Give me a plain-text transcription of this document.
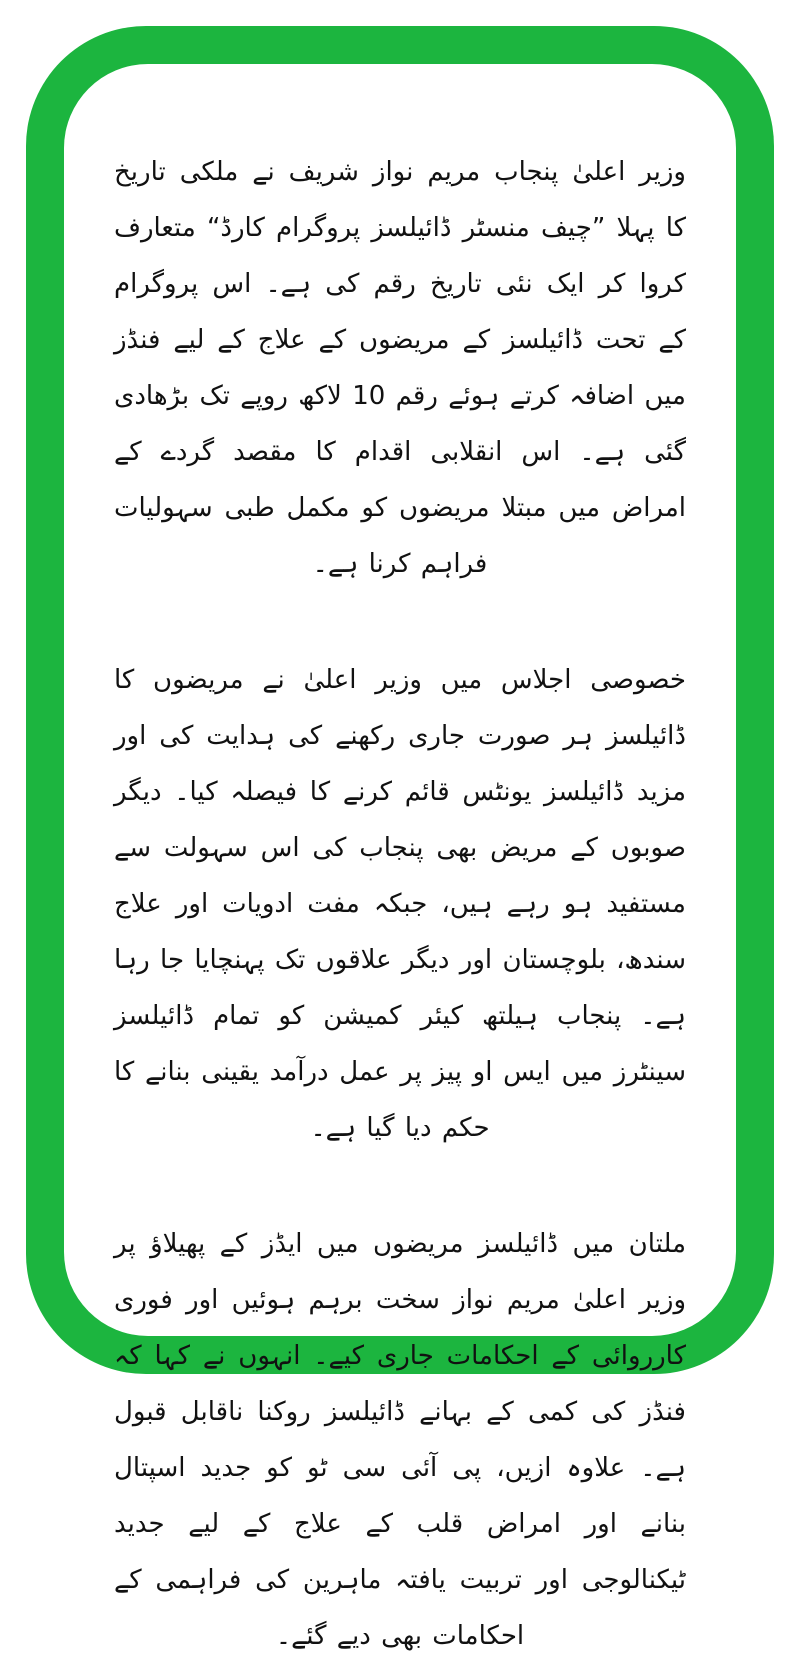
وزیر اعلیٰ پنجاب مریم نواز شریف نے ملکی تاریخ کا پہلا ”چیف منسٹر ڈائیلسز پروگرام کارڈ“ متعارف کروا کر ایک نئی تاریخ رقم کی ہے۔ اس پروگرام کے تحت ڈائیلسز کے مریضوں کے علاج کے لیے فنڈز میں اضافہ کرتے ہوئے رقم 10 لاکھ روپے تک بڑھادی گئی ہے۔ اس انقلابی اقدام کا مقصد گردے کے امراض میں مبتلا مریضوں کو مکمل طبی سہولیات فراہم کرنا ہے۔

خصوصی اجلاس میں وزیر اعلیٰ نے مریضوں کا ڈائیلسز ہر صورت جاری رکھنے کی ہدایت کی اور مزید ڈائیلسز یونٹس قائم کرنے کا فیصلہ کیا۔ دیگر صوبوں کے مریض بھی پنجاب کی اس سہولت سے مستفید ہو رہے ہیں، جبکہ مفت ادویات اور علاج سندھ، بلوچستان اور دیگر علاقوں تک پہنچایا جا رہا ہے۔ پنجاب ہیلتھ کیئر کمیشن کو تمام ڈائیلسز سینٹرز میں ایس او پیز پر عمل درآمد یقینی بنانے کا حکم دیا گیا ہے۔

ملتان میں ڈائیلسز مریضوں میں ایڈز کے پھیلاؤ پر وزیر اعلیٰ مریم نواز سخت برہم ہوئیں اور فوری کارروائی کے احکامات جاری کیے۔ انہوں نے کہا کہ فنڈز کی کمی کے بہانے ڈائیلسز روکنا ناقابل قبول ہے۔ علاوہ ازیں، پی آئی سی ٹو کو جدید اسپتال بنانے اور امراض قلب کے علاج کے لیے جدید ٹیکنالوجی اور تربیت یافتہ ماہرین کی فراہمی کے احکامات بھی دیے گئے۔
